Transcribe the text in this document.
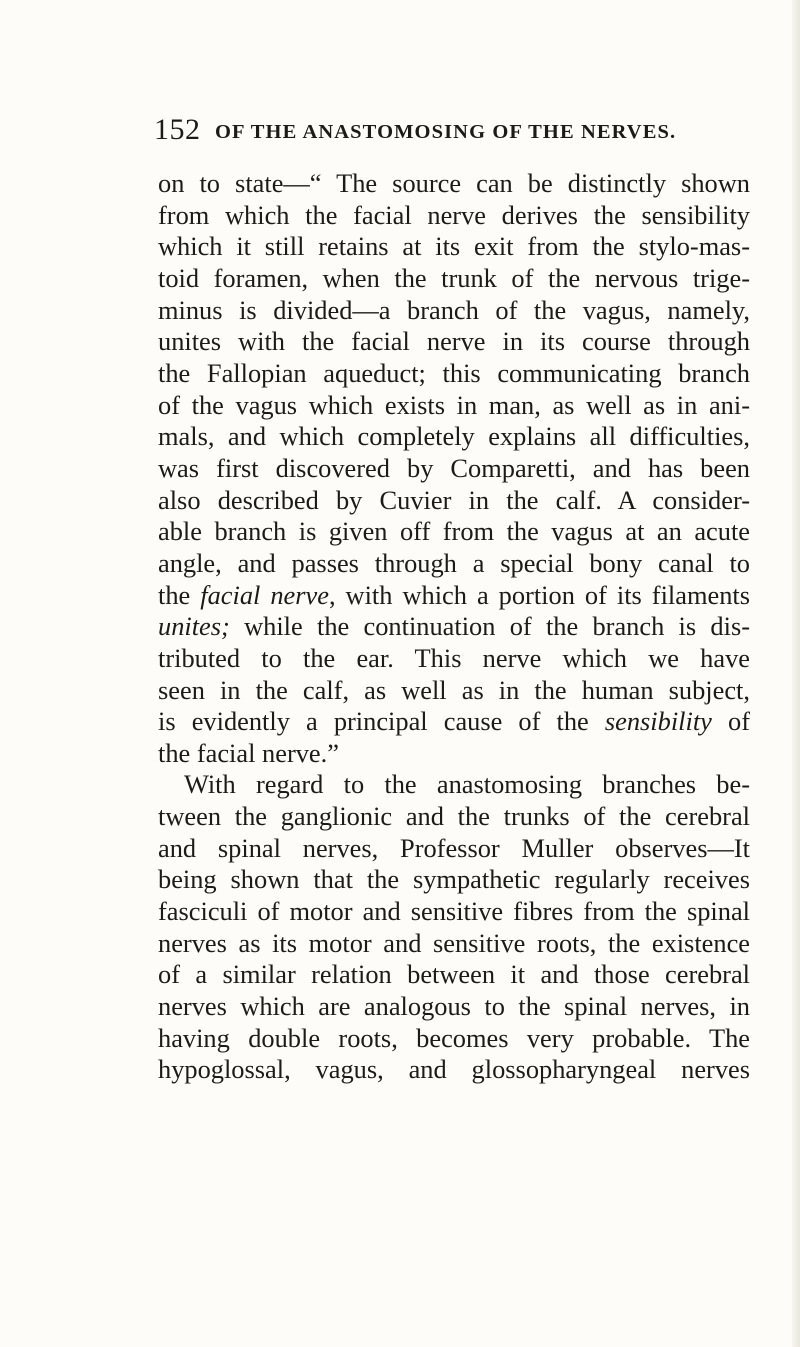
152 OF THE ANASTOMOSING OF THE NERVES.
on to state—“ The source can be distinctly shown
from which the facial nerve derives the sensibility
which it still retains at its exit from the stylo-mas-
toid foramen, when the trunk of the nervous trige-
minus is divided—a branch of the vagus, namely,
unites with the facial nerve in its course through
the Fallopian aqueduct; this communicating branch
of the vagus which exists in man, as well as in ani-
mals, and which completely explains all difficulties,
was first discovered by Comparetti, and has been
also described by Cuvier in the calf. A consider-
able branch is given off from the vagus at an acute
angle, and passes through a special bony canal to
the facial nerve, with which a portion of its filaments
unites; while the continuation of the branch is dis-
tributed to the ear. This nerve which we have
seen in the calf, as well as in the human subject,
is evidently a principal cause of the sensibility of
the facial nerve.”
With regard to the anastomosing branches be-
tween the ganglionic and the trunks of the cerebral
and spinal nerves, Professor Muller observes—It
being shown that the sympathetic regularly receives
fasciculi of motor and sensitive fibres from the spinal
nerves as its motor and sensitive roots, the existence
of a similar relation between it and those cerebral
nerves which are analogous to the spinal nerves, in
having double roots, becomes very probable. The
hypoglossal, vagus, and glossopharyngeal nerves
